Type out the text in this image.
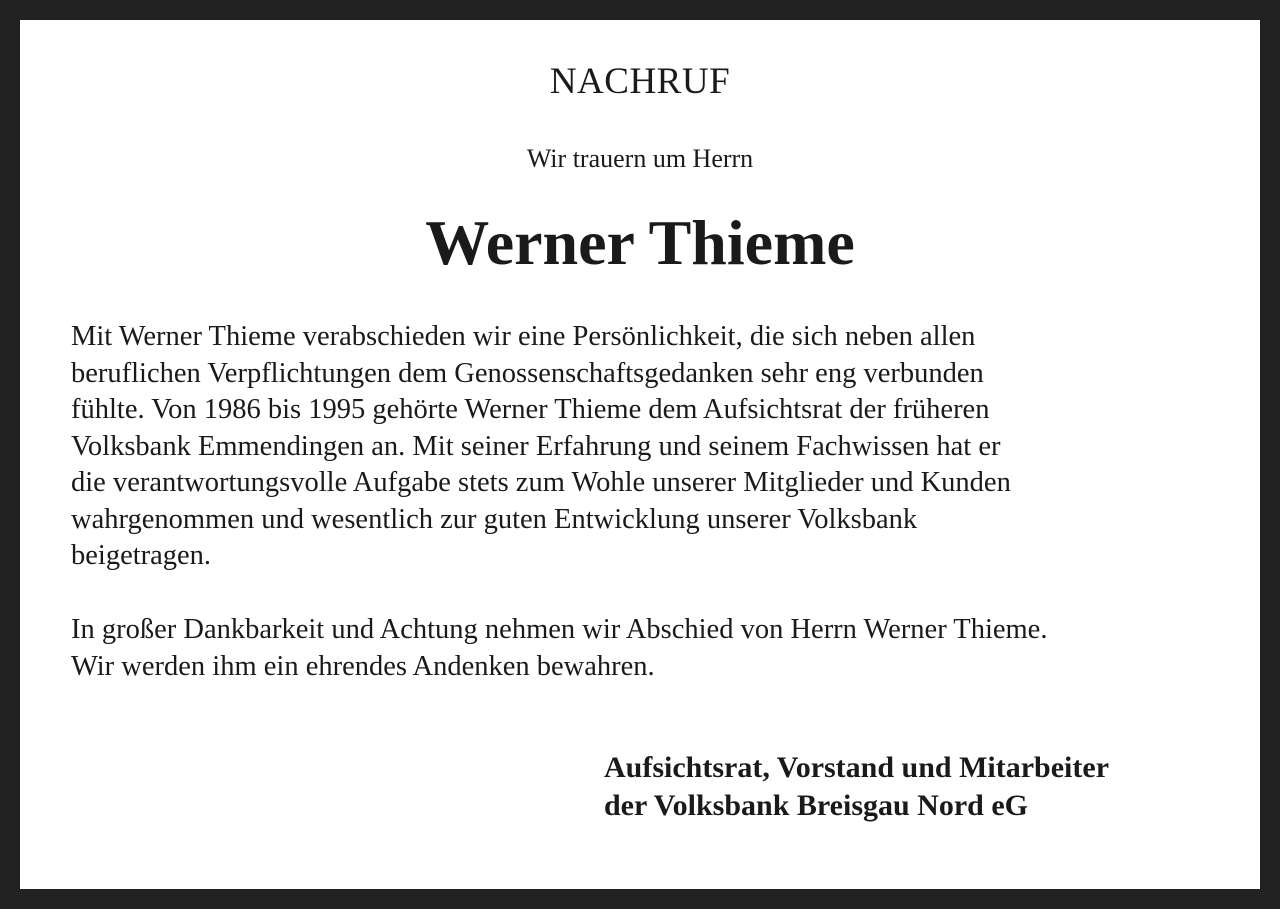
NACHRUF
Wir trauern um Herrn
Werner Thieme

Mit Werner Thieme verabschieden wir eine Persönlichkeit, die sich neben allen
beruflichen Verpflichtungen dem Genossenschaftsgedanken sehr eng verbunden
fühlte. Von 1986 bis 1995 gehörte Werner Thieme dem Aufsichtsrat der früheren
Volksbank Emmendingen an. Mit seiner Erfahrung und seinem Fachwissen hat er
die verantwortungsvolle Aufgabe stets zum Wohle unserer Mitglieder und Kunden
wahrgenommen und wesentlich zur guten Entwicklung unserer Volksbank
beigetragen.

In großer Dankbarkeit und Achtung nehmen wir Abschied von Herrn Werner Thieme.
Wir werden ihm ein ehrendes Andenken bewahren.

Aufsichtsrat, Vorstand und Mitarbeiter
der Volksbank Breisgau Nord eG
